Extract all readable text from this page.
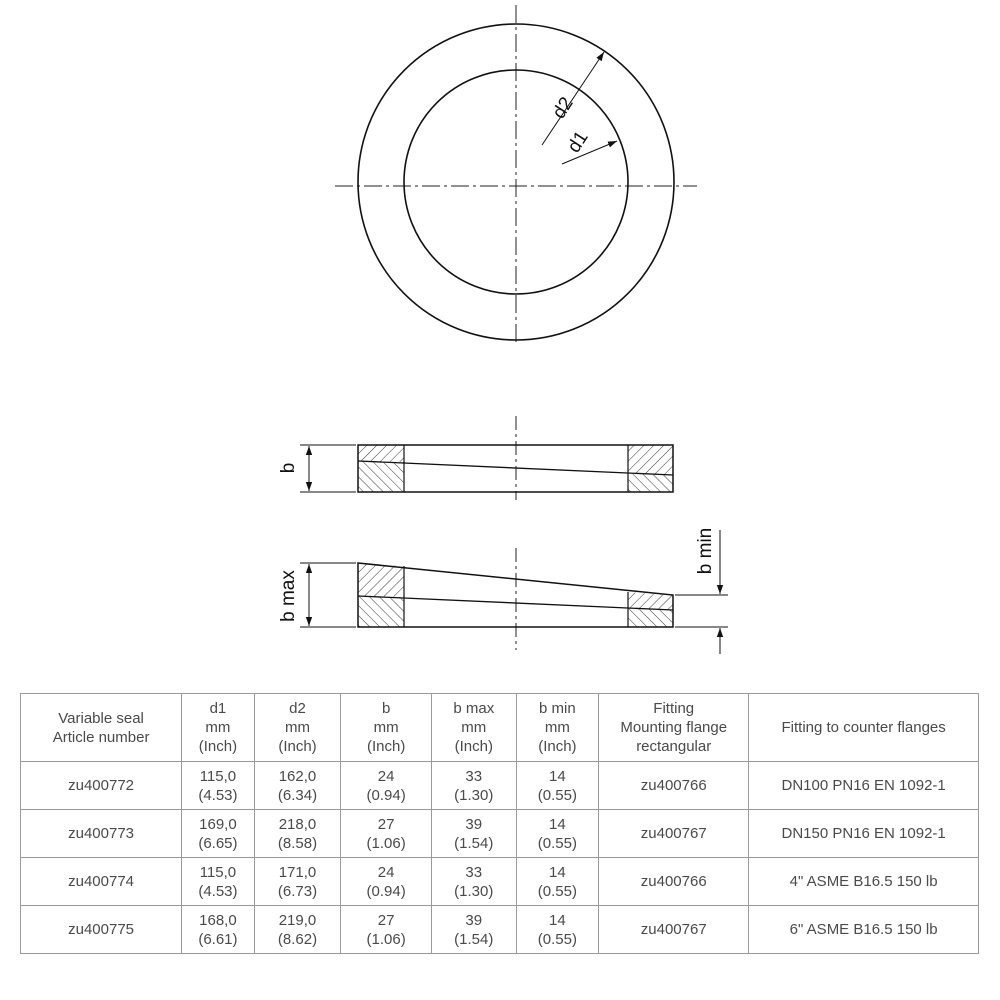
d2
d1
b
b max
b min
Variable seal
Article number	d1
mm
(Inch)	d2
mm
(Inch)	b
mm
(Inch)	b max
mm
(Inch)	b min
mm
(Inch)	Fitting
Mounting flange
rectangular	Fitting to counter flanges
zu400772	115,0
(4.53)	162,0
(6.34)	24
(0.94)	33
(1.30)	14
(0.55)	zu400766	DN100 PN16 EN 1092-1
zu400773	169,0
(6.65)	218,0
(8.58)	27
(1.06)	39
(1.54)	14
(0.55)	zu400767	DN150 PN16 EN 1092-1
zu400774	115,0
(4.53)	171,0
(6.73)	24
(0.94)	33
(1.30)	14
(0.55)	zu400766	4" ASME B16.5 150 lb
zu400775	168,0
(6.61)	219,0
(8.62)	27
(1.06)	39
(1.54)	14
(0.55)	zu400767	6" ASME B16.5 150 lb
